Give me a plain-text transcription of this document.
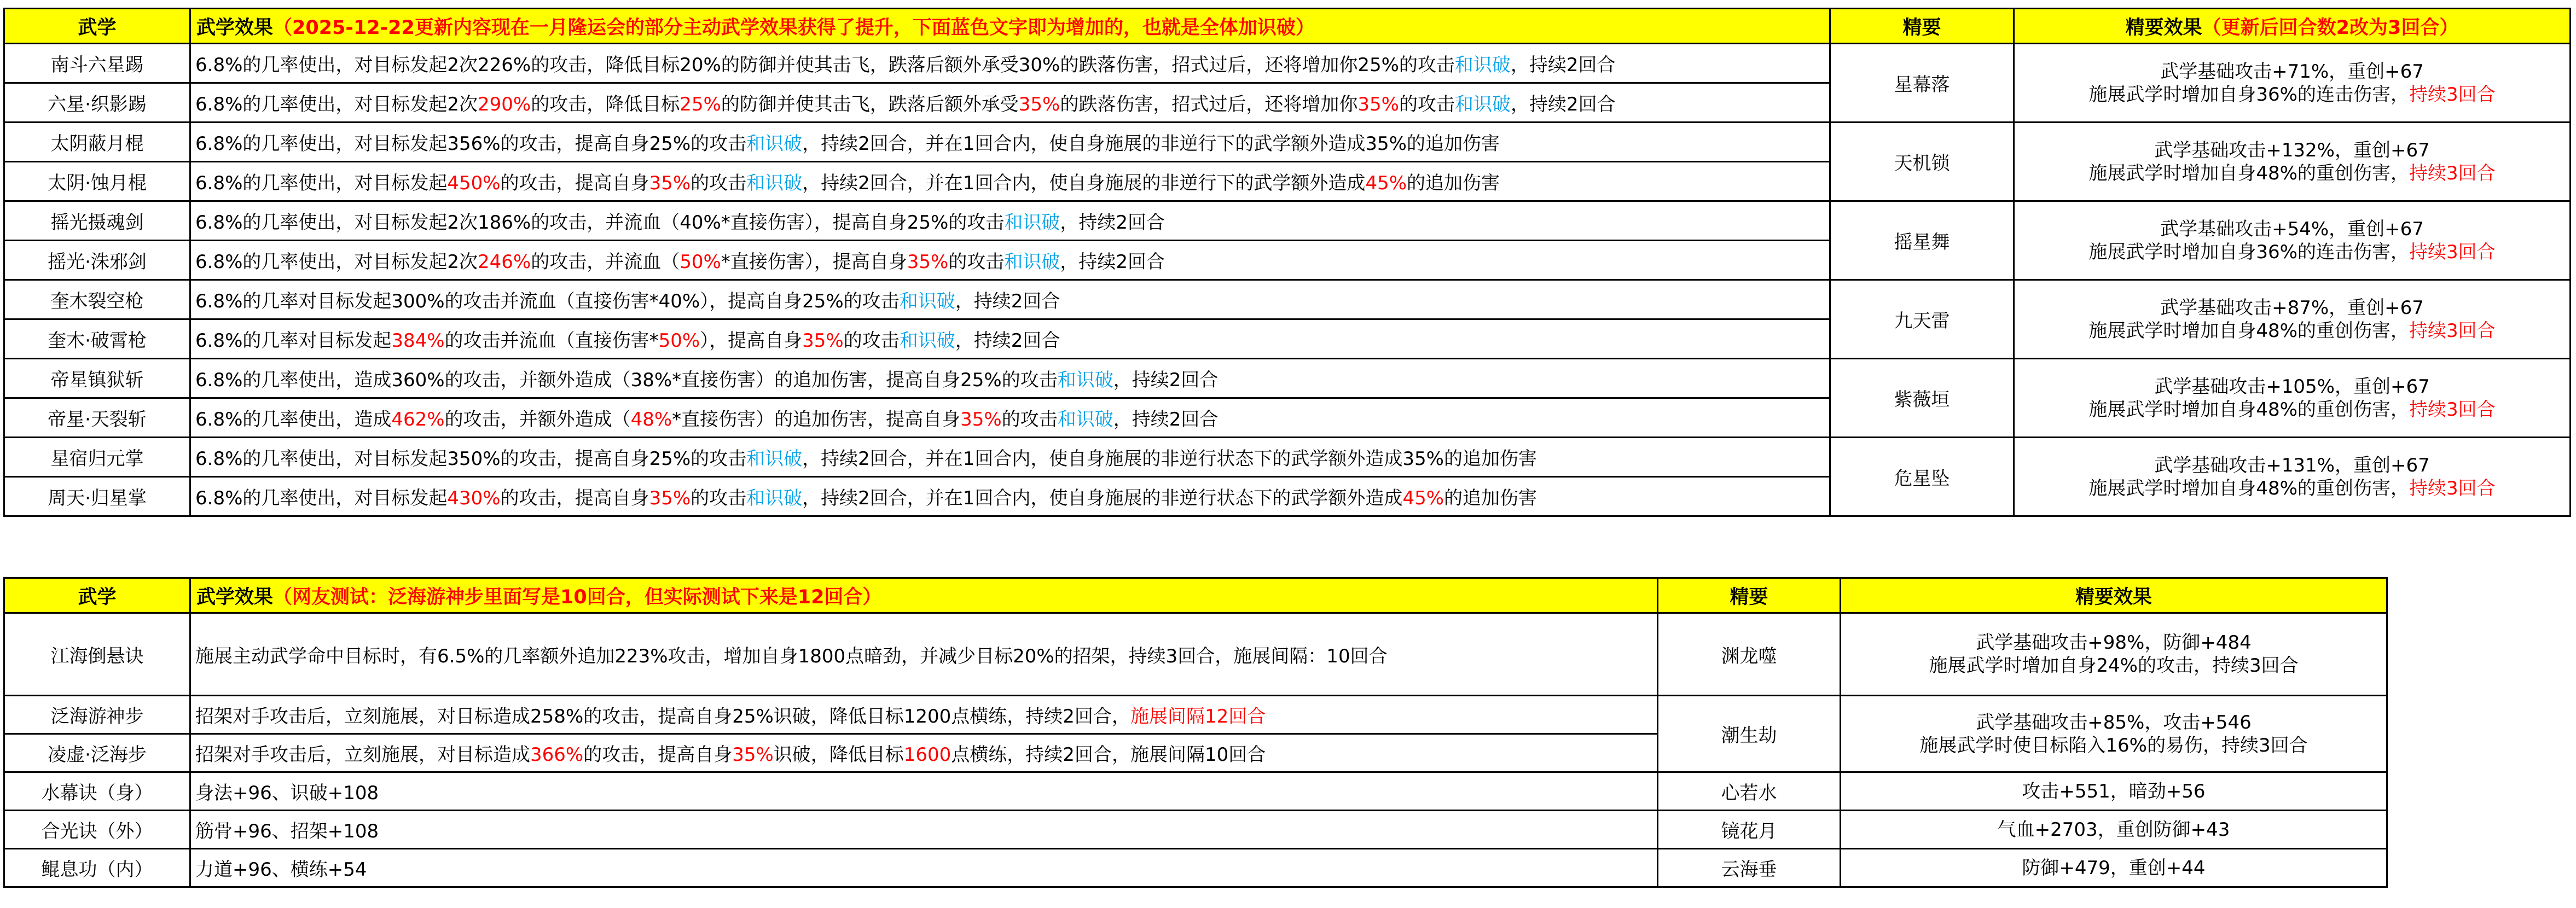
武学	武学效果（2025-12-22更新内容现在一月隆运会的部分主动武学效果获得了提升，下面蓝色文字即为增加的，也就是全体加识破）	精要	精要效果（更新后回合数2改为3回合）
南斗六星踢	6.8%的几率使出，对目标发起2次226%的攻击，降低目标20%的防御并使其击飞，跌落后额外承受30%的跌落伤害，招式过后，还将增加你25%的攻击和识破，持续2回合	星幕落	武学基础攻击+71%，重创+67
施展武学时增加自身36%的连击伤害，持续3回合

六星·织影踢	6.8%的几率使出，对目标发起2次290%的攻击，降低目标25%的防御并使其击飞，跌落后额外承受35%的跌落伤害，招式过后，还将增加你35%的攻击和识破，持续2回合		
太阴蔽月棍	6.8%的几率使出，对目标发起356%的攻击，提高自身25%的攻击和识破，持续2回合，并在1回合内，使自身施展的非逆行下的武学额外造成35%的追加伤害	天机锁	武学基础攻击+132%，重创+67
施展武学时增加自身48%的重创伤害，持续3回合

太阴·蚀月棍	6.8%的几率使出，对目标发起450%的攻击，提高自身35%的攻击和识破，持续2回合，并在1回合内，使自身施展的非逆行下的武学额外造成45%的追加伤害		
摇光摄魂剑	6.8%的几率使出，对目标发起2次186%的攻击，并流血（40%*直接伤害），提高自身25%的攻击和识破，持续2回合	摇星舞	武学基础攻击+54%，重创+67
施展武学时增加自身36%的连击伤害，持续3回合

摇光·洙邪剑	6.8%的几率使出，对目标发起2次246%的攻击，并流血（50%*直接伤害），提高自身35%的攻击和识破，持续2回合		
奎木裂空枪	6.8%的几率对目标发起300%的攻击并流血（直接伤害*40%），提高自身25%的攻击和识破，持续2回合	九天雷	武学基础攻击+87%，重创+67
施展武学时增加自身48%的重创伤害，持续3回合

奎木·破霄枪	6.8%的几率对目标发起384%的攻击并流血（直接伤害*50%），提高自身35%的攻击和识破，持续2回合		
帝星镇狱斩	6.8%的几率使出，造成360%的攻击，并额外造成（38%*直接伤害）的追加伤害，提高自身25%的攻击和识破，持续2回合	紫薇垣	武学基础攻击+105%，重创+67
施展武学时增加自身48%的重创伤害，持续3回合

帝星·天裂斩	6.8%的几率使出，造成462%的攻击，并额外造成（48%*直接伤害）的追加伤害，提高自身35%的攻击和识破，持续2回合		
星宿归元掌	6.8%的几率使出，对目标发起350%的攻击，提高自身25%的攻击和识破，持续2回合，并在1回合内，使自身施展的非逆行状态下的武学额外造成35%的追加伤害	危星坠	武学基础攻击+131%，重创+67
施展武学时增加自身48%的重创伤害，持续3回合

周天·归星掌	6.8%的几率使出，对目标发起430%的攻击，提高自身35%的攻击和识破，持续2回合，并在1回合内，使自身施展的非逆行状态下的武学额外造成45%的追加伤害		
武学	武学效果（网友测试：泛海游神步里面写是10回合，但实际测试下来是12回合）	精要	精要效果
江海倒悬诀	施展主动武学命中目标时，有6.5%的几率额外追加223%攻击，增加自身1800点暗劲，并减少目标20%的招架，持续3回合，施展间隔：10回合	渊龙噬	武学基础攻击+98%，防御+484
施展武学时增加自身24%的攻击，持续3回合

泛海游神步	招架对手攻击后，立刻施展，对目标造成258%的攻击，提高自身25%识破，降低目标1200点横练，持续2回合，施展间隔12回合	潮生劫	武学基础攻击+85%，攻击+546
施展武学时使目标陷入16%的易伤，持续3回合

凌虚·泛海步	招架对手攻击后，立刻施展，对目标造成366%的攻击，提高自身35%识破，降低目标1600点横练，持续2回合，施展间隔10回合		
水幕诀（身）	身法+96、识破+108	心若水	攻击+551，暗劲+56

合光诀（外）	筋骨+96、招架+108	镜花月	气血+2703，重创防御+43

鲲息功（内）	力道+96、横练+54	云海垂	防御+479，重创+44
